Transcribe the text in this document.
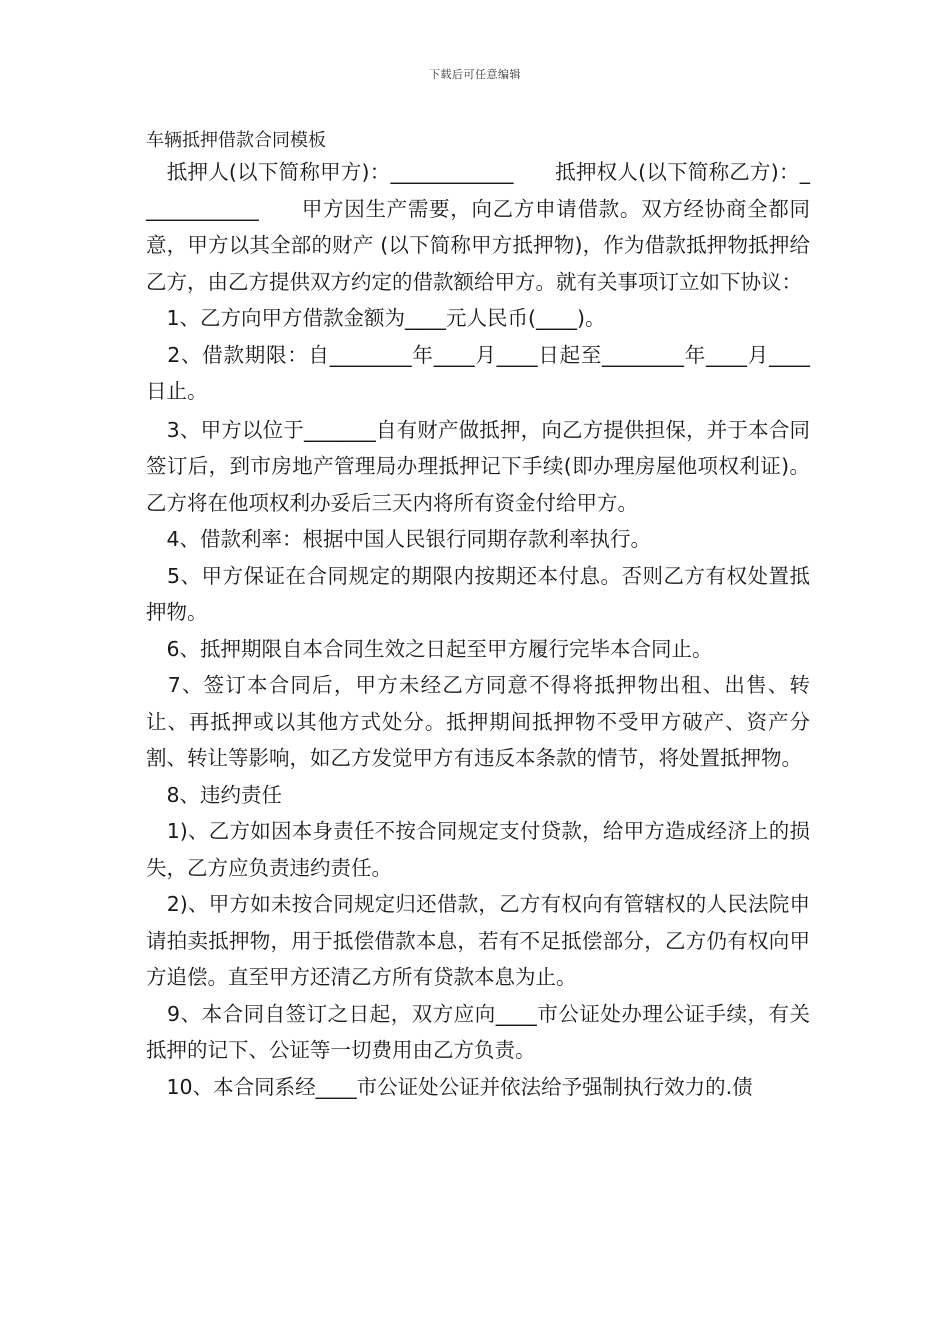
下载后可任意编辑
车辆抵押借款合同模板

　抵押人(以下简称甲方)：____________　　抵押权人(以下简称乙方)：____________　　甲方因生产需要，向乙方申请借款。双方经协商全都同意，甲方以其全部的财产 (以下简称甲方抵押物)，作为借款抵押物抵押给乙方，由乙方提供双方约定的借款额给甲方。就有关事项订立如下协议：

　1、乙方向甲方借款金额为____元人民币(____)。

　2、借款期限：自________年____月____日起至________年____月____日止。

　3、甲方以位于_______自有财产做抵押，向乙方提供担保，并于本合同签订后，到市房地产管理局办理抵押记下手续(即办理房屋他项权利证)。乙方将在他项权利办妥后三天内将所有资金付给甲方。

　4、借款利率：根据中国人民银行同期存款利率执行。

　5、甲方保证在合同规定的期限内按期还本付息。否则乙方有权处置抵押物。

　6、抵押期限自本合同生效之日起至甲方履行完毕本合同止。

　7、签订本合同后，甲方未经乙方同意不得将抵押物出租、出售、转让、再抵押或以其他方式处分。抵押期间抵押物不受甲方破产、资产分割、转让等影响，如乙方发觉甲方有违反本条款的情节，将处置抵押物。

　8、违约责任

　1)、乙方如因本身责任不按合同规定支付贷款，给甲方造成经济上的损失，乙方应负责违约责任。

　2)、甲方如未按合同规定归还借款，乙方有权向有管辖权的人民法院申请拍卖抵押物，用于抵偿借款本息，若有不足抵偿部分，乙方仍有权向甲方追偿。直至甲方还清乙方所有贷款本息为止。

　9、本合同自签订之日起，双方应向____市公证处办理公证手续，有关抵押的记下、公证等一切费用由乙方负责。

　10、本合同系经____市公证处公证并依法给予强制执行效力的.债
